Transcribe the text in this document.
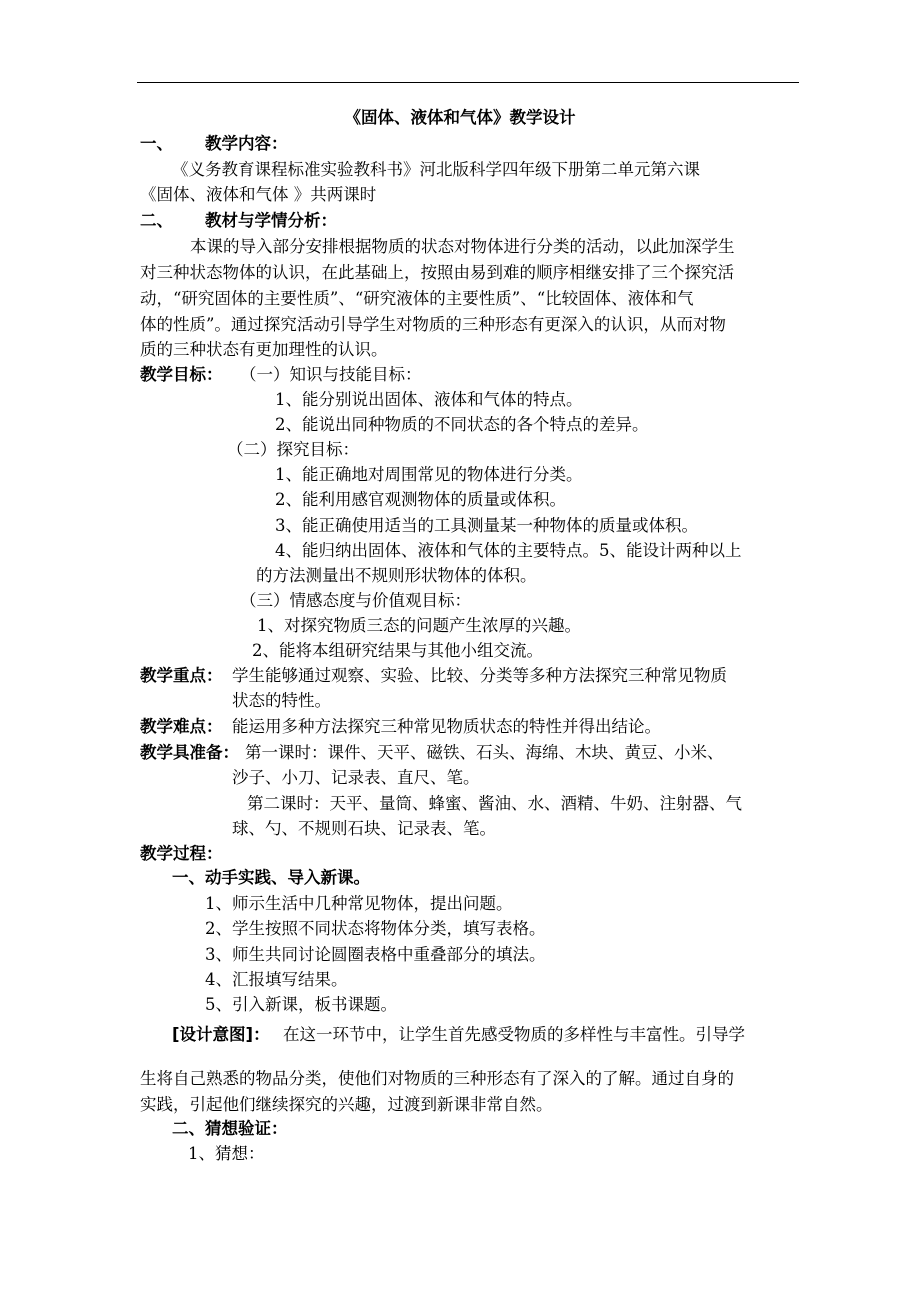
《固体、液体和气体》教学设计
一、 教学内容：
《义务教育课程标准实验教科书》河北版科学四年级下册第二单元第六课
《固体、液体和气体 》共两课时
二、 教材与学情分析：
本课的导入部分安排根据物质的状态对物体进行分类的活动，以此加深学生
对三种状态物体的认识，在此基础上，按照由易到难的顺序相继安排了三个探究活
动，“研究固体的主要性质”、“研究液体的主要性质”、“比较固体、液体和气
体的性质”。通过探究活动引导学生对物质的三种形态有更深入的认识，从而对物
质的三种状态有更加理性的认识。
教学目标： （一）知识与技能目标：
1、能分别说出固体、液体和气体的特点。
2、能说出同种物质的不同状态的各个特点的差异。
（二）探究目标：
1、能正确地对周围常见的物体进行分类。
2、能利用感官观测物体的质量或体积。
3、能正确使用适当的工具测量某一种物体的质量或体积。
4、能归纳出固体、液体和气体的主要特点。5、能设计两种以上
的方法测量出不规则形状物体的体积。
（三）情感态度与价值观目标：
1、对探究物质三态的问题产生浓厚的兴趣。
2、能将本组研究结果与其他小组交流。
教学重点： 学生能够通过观察、实验、比较、分类等多种方法探究三种常见物质
状态的特性。
教学难点： 能运用多种方法探究三种常见物质状态的特性并得出结论。
教学具准备： 第一课时：课件、天平、磁铁、石头、海绵、木块、黄豆、小米、
沙子、小刀、记录表、直尺、笔。
第二课时：天平、量筒、蜂蜜、酱油、水、酒精、牛奶、注射器、气
球、勺、不规则石块、记录表、笔。
教学过程：
一、动手实践、导入新课。
1、师示生活中几种常见物体，提出问题。
2、学生按照不同状态将物体分类，填写表格。
3、师生共同讨论圆圈表格中重叠部分的填法。
4、汇报填写结果。
5、引入新课，板书课题。
[设计意图]： 在这一环节中，让学生首先感受物质的多样性与丰富性。引导学
生将自己熟悉的物品分类，使他们对物质的三种形态有了深入的了解。通过自身的
实践，引起他们继续探究的兴趣，过渡到新课非常自然。
二、猜想验证：
1、猜想：
